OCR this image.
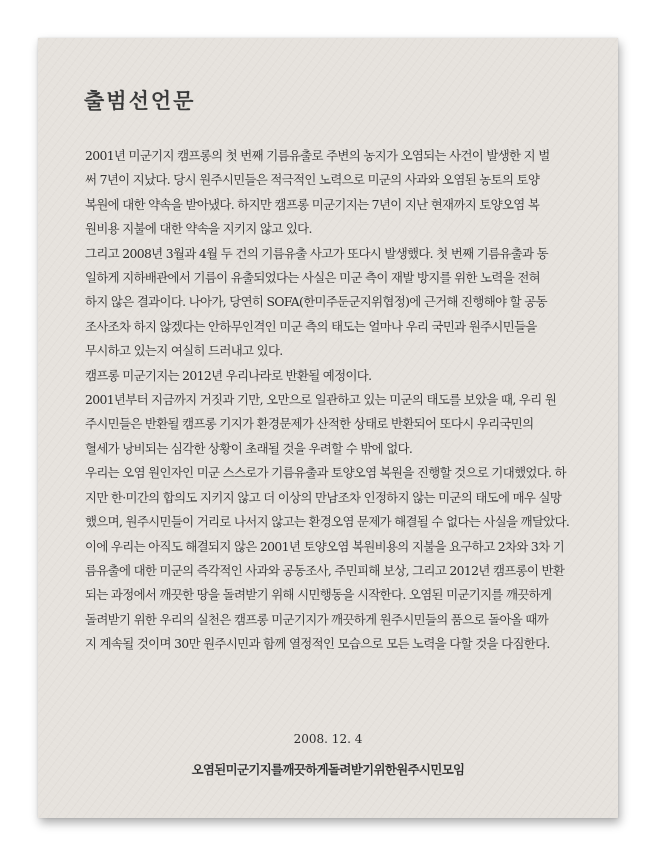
출범선언문
2001년 미군기지 캠프롱의 첫 번째 기름유출로 주변의 농지가 오염되는 사건이 발생한 지 벌
써 7년이 지났다. 당시 원주시민들은 적극적인 노력으로 미군의 사과와 오염된 농토의 토양
복원에 대한 약속을 받아냈다. 하지만 캠프롱 미군기지는 7년이 지난 현재까지 토양오염 복
원비용 지불에 대한 약속을 지키지 않고 있다.
그리고 2008년 3월과 4월 두 건의 기름유출 사고가 또다시 발생했다. 첫 번째 기름유출과 동
일하게 지하배관에서 기름이 유출되었다는 사실은 미군 측이 재발 방지를 위한 노력을 전혀
하지 않은 결과이다. 나아가, 당연히 SOFA(한미주둔군지위협정)에 근거해 진행해야 할 공동
조사조차 하지 않겠다는 안하무인격인 미군 측의 태도는 얼마나 우리 국민과 원주시민들을
무시하고 있는지 여실히 드러내고 있다.
캠프롱 미군기지는 2012년 우리나라로 반환될 예정이다.
2001년부터 지금까지 거짓과 기만, 오만으로 일관하고 있는 미군의 태도를 보았을 때, 우리 원
주시민들은 반환될 캠프롱 기지가 환경문제가 산적한 상태로 반환되어 또다시 우리국민의
혈세가 낭비되는 심각한 상황이 초래될 것을 우려할 수 밖에 없다.
우리는 오염 원인자인 미군 스스로가 기름유출과 토양오염 복원을 진행할 것으로 기대했었다. 하
지만 한·미간의 합의도 지키지 않고 더 이상의 만남조차 인정하지 않는 미군의 태도에 매우 실망
했으며, 원주시민들이 거리로 나서지 않고는 환경오염 문제가 해결될 수 없다는 사실을 깨달았다.
이에 우리는 아직도 해결되지 않은 2001년 토양오염 복원비용의 지불을 요구하고 2차와 3차 기
름유출에 대한 미군의 즉각적인 사과와 공동조사, 주민피해 보상, 그리고 2012년 캠프롱이 반환
되는 과정에서 깨끗한 땅을 돌려받기 위해 시민행동을 시작한다. 오염된 미군기지를 깨끗하게
돌려받기 위한 우리의 실천은 캠프롱 미군기지가 깨끗하게 원주시민들의 품으로 돌아올 때까
지 계속될 것이며 30만 원주시민과 함께 열정적인 모습으로 모든 노력을 다할 것을 다짐한다.
2008. 12. 4
오염된미군기지를깨끗하게돌려받기위한원주시민모임
